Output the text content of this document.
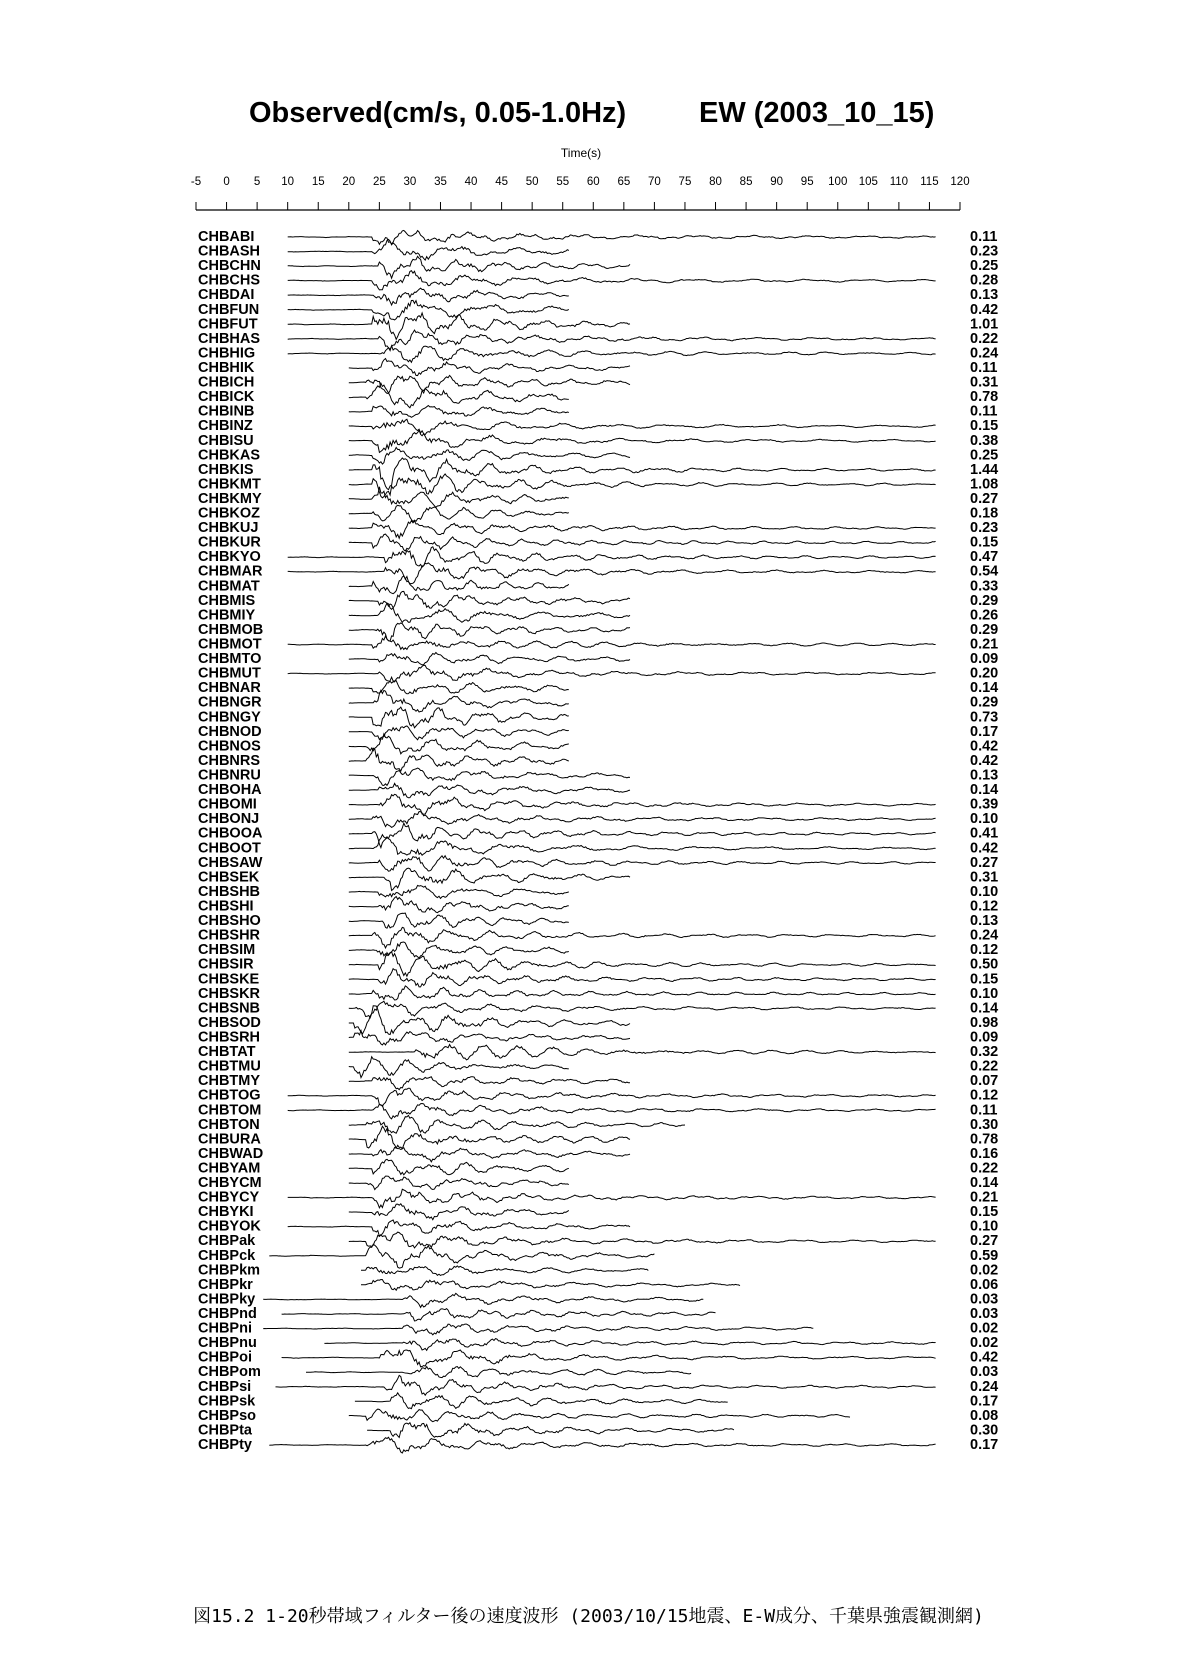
Observed(cm/s, 0.05-1.0Hz)	EW (2003_10_15)
Time(s)
-5 0 5 10 15 20 25 30 35 40 45 50 55 60 65 70 75 80 85 90 95 100 105 110 115 120
CHBABI	0.11
CHBASH	0.23
CHBCHN	0.25
CHBCHS	0.28
CHBDAI	0.13
CHBFUN	0.42
CHBFUT	1.01
CHBHAS	0.22
CHBHIG	0.24
CHBHIK	0.11
CHBICH	0.31
CHBICK	0.78
CHBINB	0.11
CHBINZ	0.15
CHBISU	0.38
CHBKAS	0.25
CHBKIS	1.44
CHBKMT	1.08
CHBKMY	0.27
CHBKOZ	0.18
CHBKUJ	0.23
CHBKUR	0.15
CHBKYO	0.47
CHBMAR	0.54
CHBMAT	0.33
CHBMIS	0.29
CHBMIY	0.26
CHBMOB	0.29
CHBMOT	0.21
CHBMTO	0.09
CHBMUT	0.20
CHBNAR	0.14
CHBNGR	0.29
CHBNGY	0.73
CHBNOD	0.17
CHBNOS	0.42
CHBNRS	0.42
CHBNRU	0.13
CHBOHA	0.14
CHBOMI	0.39
CHBONJ	0.10
CHBOOA	0.41
CHBOOT	0.42
CHBSAW	0.27
CHBSEK	0.31
CHBSHB	0.10
CHBSHI	0.12
CHBSHO	0.13
CHBSHR	0.24
CHBSIM	0.12
CHBSIR	0.50
CHBSKE	0.15
CHBSKR	0.10
CHBSNB	0.14
CHBSOD	0.98
CHBSRH	0.09
CHBTAT	0.32
CHBTMU	0.22
CHBTMY	0.07
CHBTOG	0.12
CHBTOM	0.11
CHBTON	0.30
CHBURA	0.78
CHBWAD	0.16
CHBYAM	0.22
CHBYCM	0.14
CHBYCY	0.21
CHBYKI	0.15
CHBYOK	0.10
CHBPak	0.27
CHBPck	0.59
CHBPkm	0.02
CHBPkr	0.06
CHBPky	0.03
CHBPnd	0.03
CHBPni	0.02
CHBPnu	0.02
CHBPoi	0.42
CHBPom	0.03
CHBPsi	0.24
CHBPsk	0.17
CHBPso	0.08
CHBPta	0.30
CHBPty	0.17
図15.2 1-20秒帯域フィルター後の速度波形 (2003/10/15地震、E-W成分、千葉県強震観測網)
